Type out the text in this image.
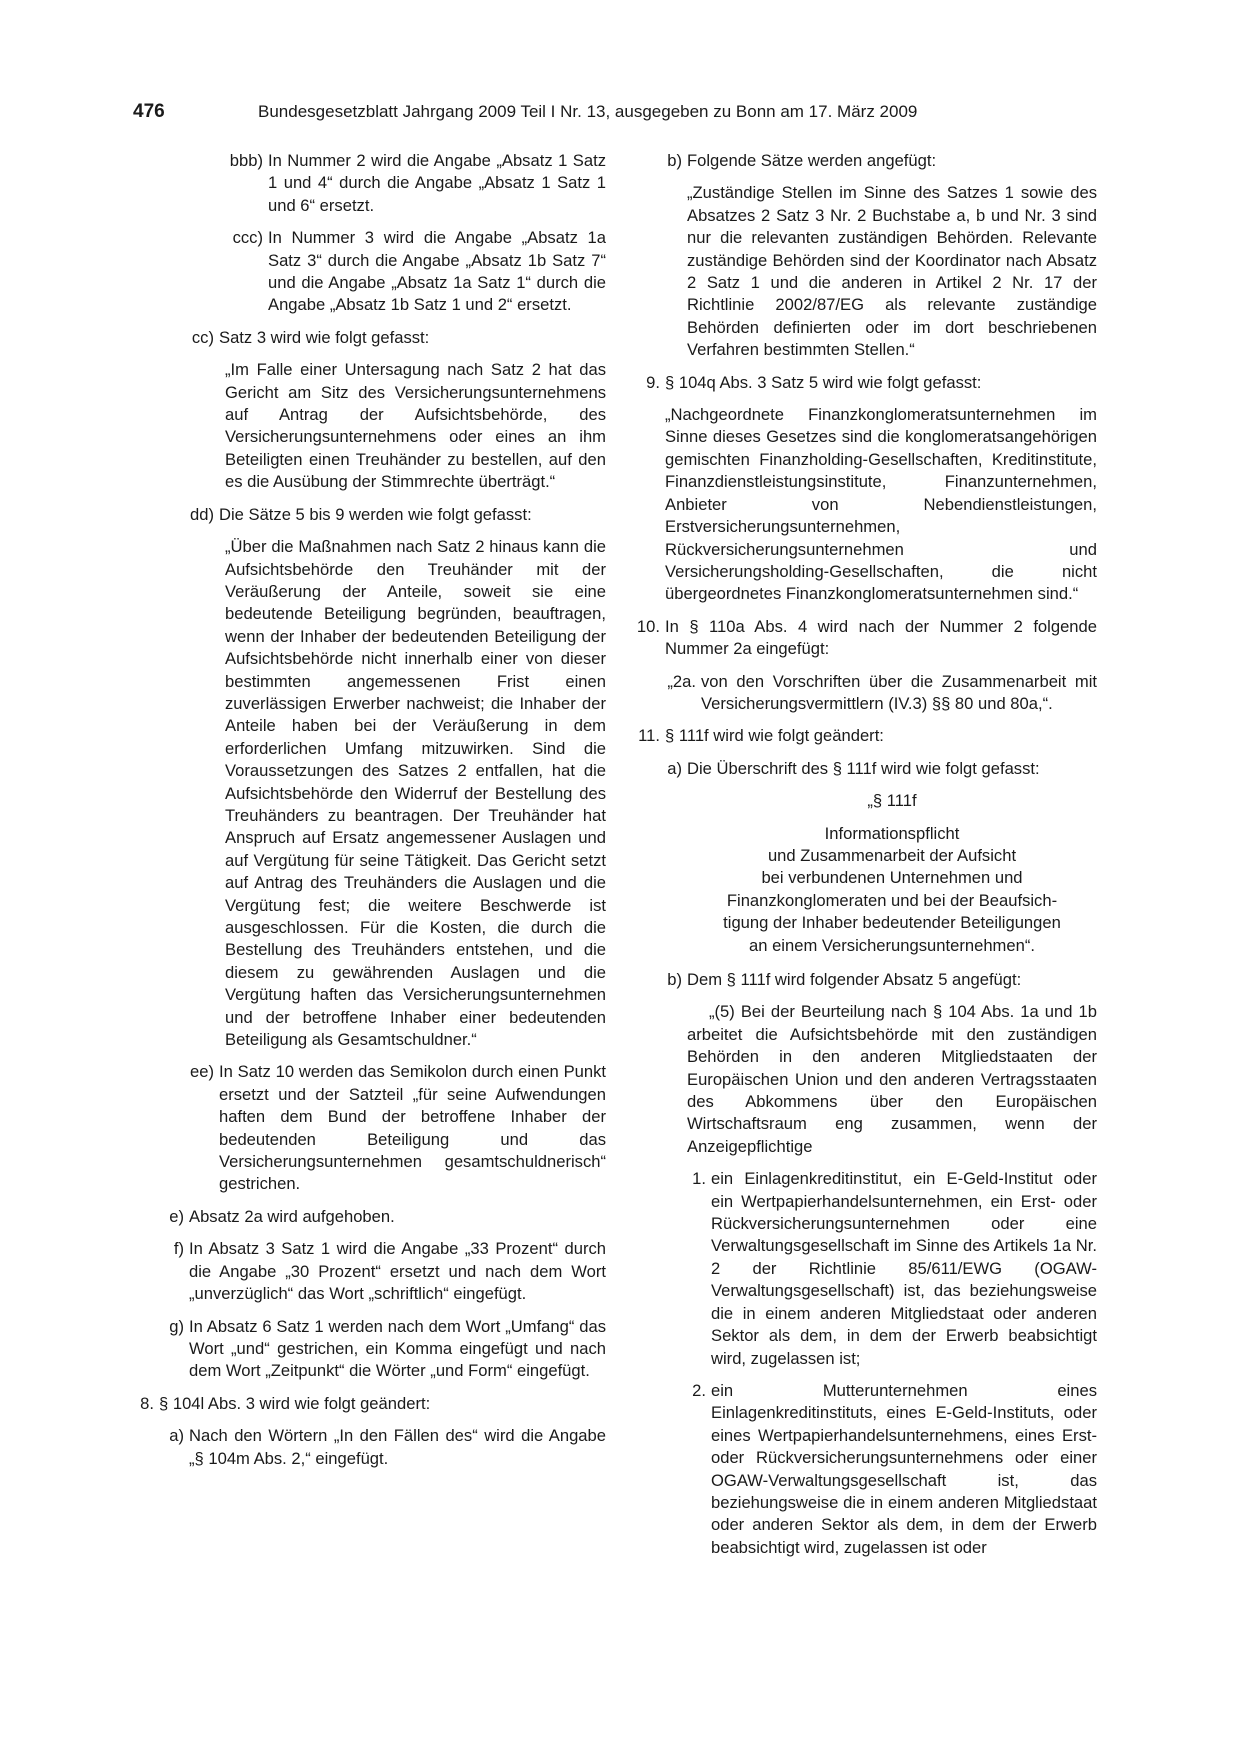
476	Bundesgesetzblatt Jahrgang 2009 Teil I Nr. 13, ausgegeben zu Bonn am 17. März 2009
bbb) In Nummer 2 wird die Angabe „Absatz 1 Satz 1 und 4“ durch die Angabe „Absatz 1 Satz 1 und 6“ ersetzt.
ccc) In Nummer 3 wird die Angabe „Absatz 1a Satz 3“ durch die Angabe „Absatz 1b Satz 7“ und die Angabe „Absatz 1a Satz 1“ durch die Angabe „Absatz 1b Satz 1 und 2“ ersetzt.
cc) Satz 3 wird wie folgt gefasst:
„Im Falle einer Untersagung nach Satz 2 hat das Gericht am Sitz des Versicherungsunternehmens auf Antrag der Aufsichtsbehörde, des Versicherungsunternehmens oder eines an ihm Beteiligten einen Treuhänder zu bestellen, auf den es die Ausübung der Stimmrechte überträgt.“
dd) Die Sätze 5 bis 9 werden wie folgt gefasst:
„Über die Maßnahmen nach Satz 2 hinaus kann die Aufsichtsbehörde den Treuhänder mit der Veräußerung der Anteile, soweit sie eine bedeutende Beteiligung begründen, beauftragen, wenn der Inhaber der bedeutenden Beteiligung der Aufsichtsbehörde nicht innerhalb einer von dieser bestimmten angemessenen Frist einen zuverlässigen Erwerber nachweist; die Inhaber der Anteile haben bei der Veräußerung in dem erforderlichen Umfang mitzuwirken. Sind die Voraussetzungen des Satzes 2 entfallen, hat die Aufsichtsbehörde den Widerruf der Bestellung des Treuhänders zu beantragen. Der Treuhänder hat Anspruch auf Ersatz angemessener Auslagen und auf Vergütung für seine Tätigkeit. Das Gericht setzt auf Antrag des Treuhänders die Auslagen und die Vergütung fest; die weitere Beschwerde ist ausgeschlossen. Für die Kosten, die durch die Bestellung des Treuhänders entstehen, und die diesem zu gewährenden Auslagen und die Vergütung haften das Versicherungsunternehmen und der betroffene Inhaber einer bedeutenden Beteiligung als Gesamtschuldner.“
ee) In Satz 10 werden das Semikolon durch einen Punkt ersetzt und der Satzteil „für seine Aufwendungen haften dem Bund der betroffene Inhaber der bedeutenden Beteiligung und das Versicherungsunternehmen gesamtschuldnerisch“ gestrichen.
e) Absatz 2a wird aufgehoben.
f) In Absatz 3 Satz 1 wird die Angabe „33 Prozent“ durch die Angabe „30 Prozent“ ersetzt und nach dem Wort „unverzüglich“ das Wort „schriftlich“ eingefügt.
g) In Absatz 6 Satz 1 werden nach dem Wort „Umfang“ das Wort „und“ gestrichen, ein Komma eingefügt und nach dem Wort „Zeitpunkt“ die Wörter „und Form“ eingefügt.
8. § 104l Abs. 3 wird wie folgt geändert:
a) Nach den Wörtern „In den Fällen des“ wird die Angabe „§ 104m Abs. 2,“ eingefügt.
b) Folgende Sätze werden angefügt:
„Zuständige Stellen im Sinne des Satzes 1 sowie des Absatzes 2 Satz 3 Nr. 2 Buchstabe a, b und Nr. 3 sind nur die relevanten zuständigen Behörden. Relevante zuständige Behörden sind der Koordinator nach Absatz 2 Satz 1 und die anderen in Artikel 2 Nr. 17 der Richtlinie 2002/87/EG als relevante zuständige Behörden definierten oder im dort beschriebenen Verfahren bestimmten Stellen.“
9. § 104q Abs. 3 Satz 5 wird wie folgt gefasst:
„Nachgeordnete Finanzkonglomeratsunternehmen im Sinne dieses Gesetzes sind die konglomeratsangehörigen gemischten Finanzholding-Gesellschaften, Kreditinstitute, Finanzdienstleistungsinstitute, Finanzunternehmen, Anbieter von Nebendienstleistungen, Erstversicherungsunternehmen, Rückversicherungsunternehmen und Versicherungsholding-Gesellschaften, die nicht übergeordnetes Finanzkonglomeratsunternehmen sind.“
10. In § 110a Abs. 4 wird nach der Nummer 2 folgende Nummer 2a eingefügt:
„2a. von den Vorschriften über die Zusammenarbeit mit Versicherungsvermittlern (IV.3) §§ 80 und 80a,“.
11. § 111f wird wie folgt geändert:
a) Die Überschrift des § 111f wird wie folgt gefasst:
„§ 111f
Informationspflicht
und Zusammenarbeit der Aufsicht
bei verbundenen Unternehmen und
Finanzkonglomeraten und bei der Beaufsich-
tigung der Inhaber bedeutender Beteiligungen
an einem Versicherungsunternehmen“.
b) Dem § 111f wird folgender Absatz 5 angefügt:
„(5) Bei der Beurteilung nach § 104 Abs. 1a und 1b arbeitet die Aufsichtsbehörde mit den zuständigen Behörden in den anderen Mitgliedstaaten der Europäischen Union und den anderen Vertragsstaaten des Abkommens über den Europäischen Wirtschaftsraum eng zusammen, wenn der Anzeigepflichtige
1. ein Einlagenkreditinstitut, ein E-Geld-Institut oder ein Wertpapierhandelsunternehmen, ein Erst- oder Rückversicherungsunternehmen oder eine Verwaltungsgesellschaft im Sinne des Artikels 1a Nr. 2 der Richtlinie 85/611/EWG (OGAW-Verwaltungsgesellschaft) ist, das beziehungsweise die in einem anderen Mitgliedstaat oder anderen Sektor als dem, in dem der Erwerb beabsichtigt wird, zugelassen ist;
2. ein Mutterunternehmen eines Einlagenkreditinstituts, eines E-Geld-Instituts, oder eines Wertpapierhandelsunternehmens, eines Erst- oder Rückversicherungsunternehmens oder einer OGAW-Verwaltungsgesellschaft ist, das beziehungsweise die in einem anderen Mitgliedstaat oder anderen Sektor als dem, in dem der Erwerb beabsichtigt wird, zugelassen ist oder
